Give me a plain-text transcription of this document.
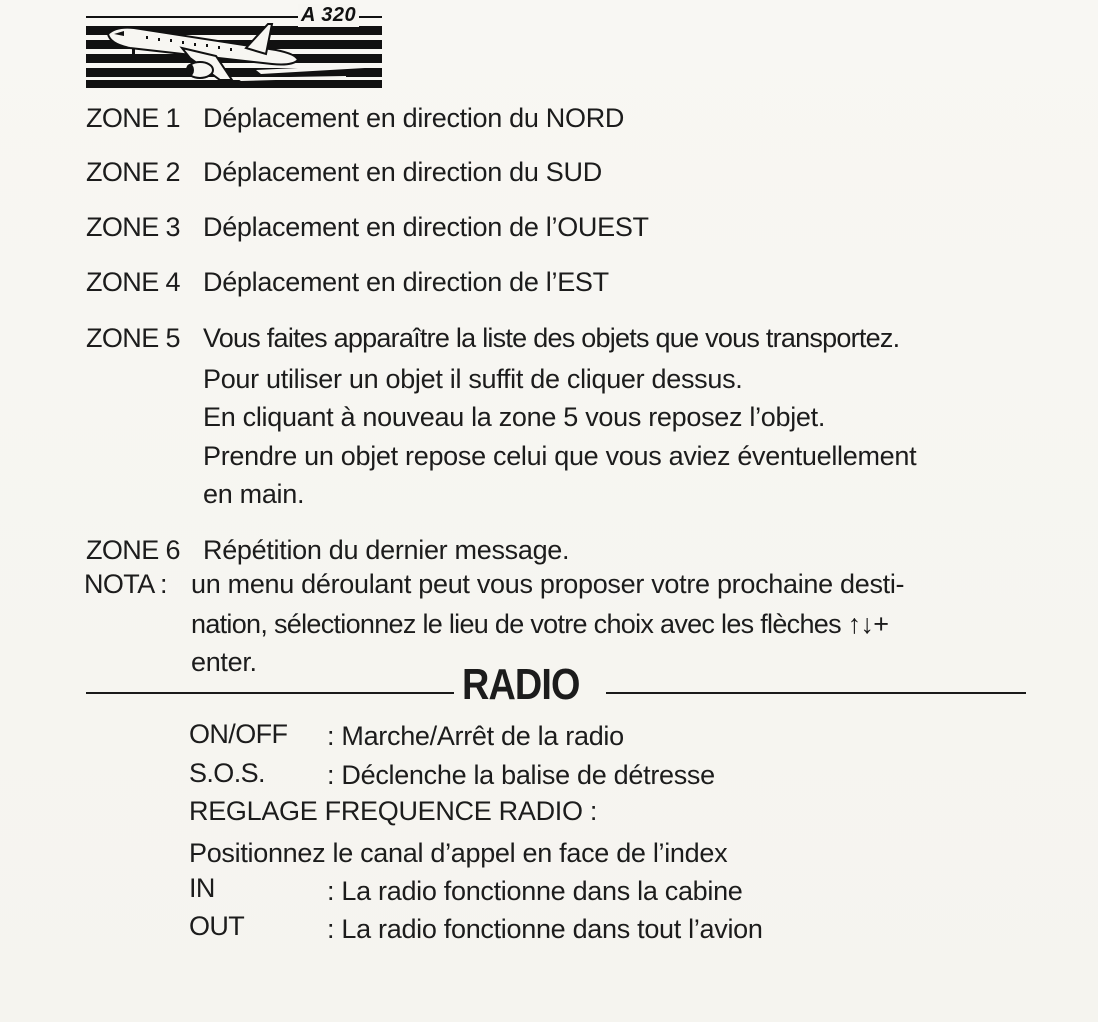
A 320
ZONE 1 Déplacement en direction du NORD
ZONE 2 Déplacement en direction du SUD
ZONE 3 Déplacement en direction de l’OUEST
ZONE 4 Déplacement en direction de l’EST
ZONE 5 Vous faites apparaître la liste des objets que vous transportez.
Pour utiliser un objet il suffit de cliquer dessus.
En cliquant à nouveau la zone 5 vous reposez l’objet.
Prendre un objet repose celui que vous aviez éventuellement
en main.
ZONE 6 Répétition du dernier message.
NOTA : un menu déroulant peut vous proposer votre prochaine desti-
nation, sélectionnez le lieu de votre choix avec les flèches ↑↓+
enter.	RADIO
ON/OFF : Marche/Arrêt de la radio
S.O.S. : Déclenche la balise de détresse
REGLAGE FREQUENCE RADIO :
Positionnez le canal d’appel en face de l’index
IN	: La radio fonctionne dans la cabine
OUT	: La radio fonctionne dans tout l’avion
